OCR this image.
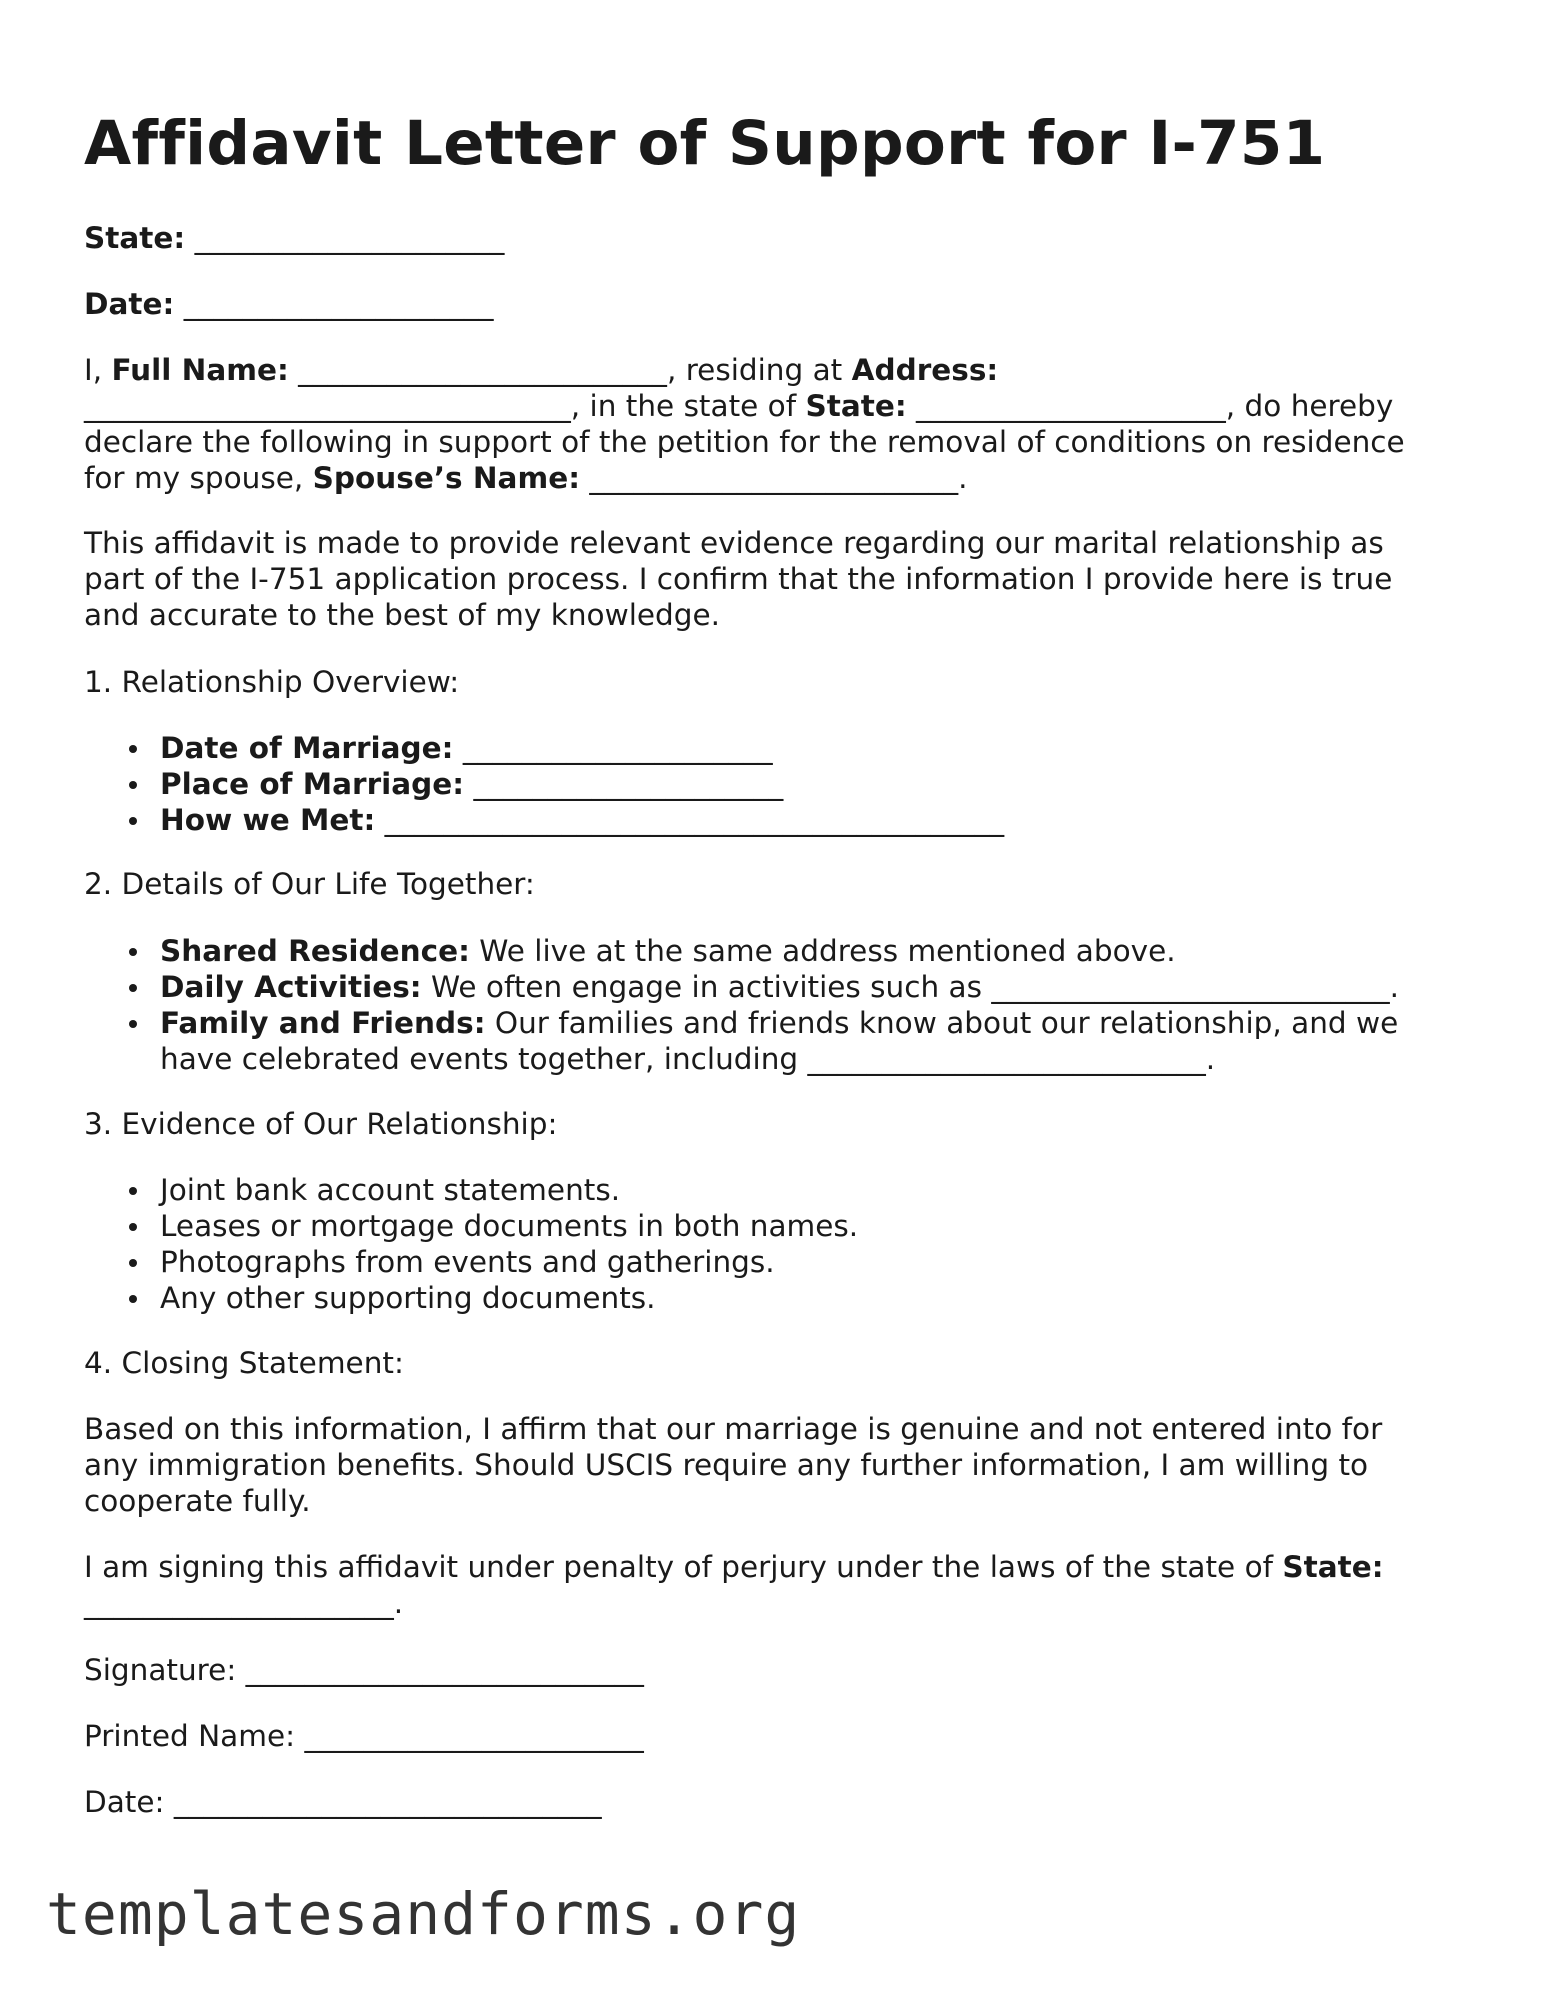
Affidavit Letter of Support for I-751

State: _____________________

Date: _____________________

I, Full Name: _________________________, residing at Address:
_________________________________, in the state of State: _____________________, do hereby
declare the following in support of the petition for the removal of conditions on residence
for my spouse, Spouse’s Name: _________________________.
This affidavit is made to provide relevant evidence regarding our marital relationship as
part of the I-751 application process. I confirm that the information I provide here is true
and accurate to the best of my knowledge.

1. Relationship Overview:

Date of Marriage: _____________________
Place of Marriage: _____________________
How we Met: __________________________________________

2. Details of Our Life Together:

Shared Residence: We live at the same address mentioned above.
Daily Activities: We often engage in activities such as ___________________________.
Family and Friends: Our families and friends know about our relationship, and we
have celebrated events together, including ___________________________.

3. Evidence of Our Relationship:

Joint bank account statements.
Leases or mortgage documents in both names.
Photographs from events and gatherings.
Any other supporting documents.

4. Closing Statement:

Based on this information, I affirm that our marriage is genuine and not entered into for
any immigration benefits. Should USCIS require any further information, I am willing to
cooperate fully.
I am signing this affidavit under penalty of perjury under the laws of the state of State:
_____________________.

Signature: ___________________________

Printed Name: _______________________

Date: _____________________________

templatesandforms.org
